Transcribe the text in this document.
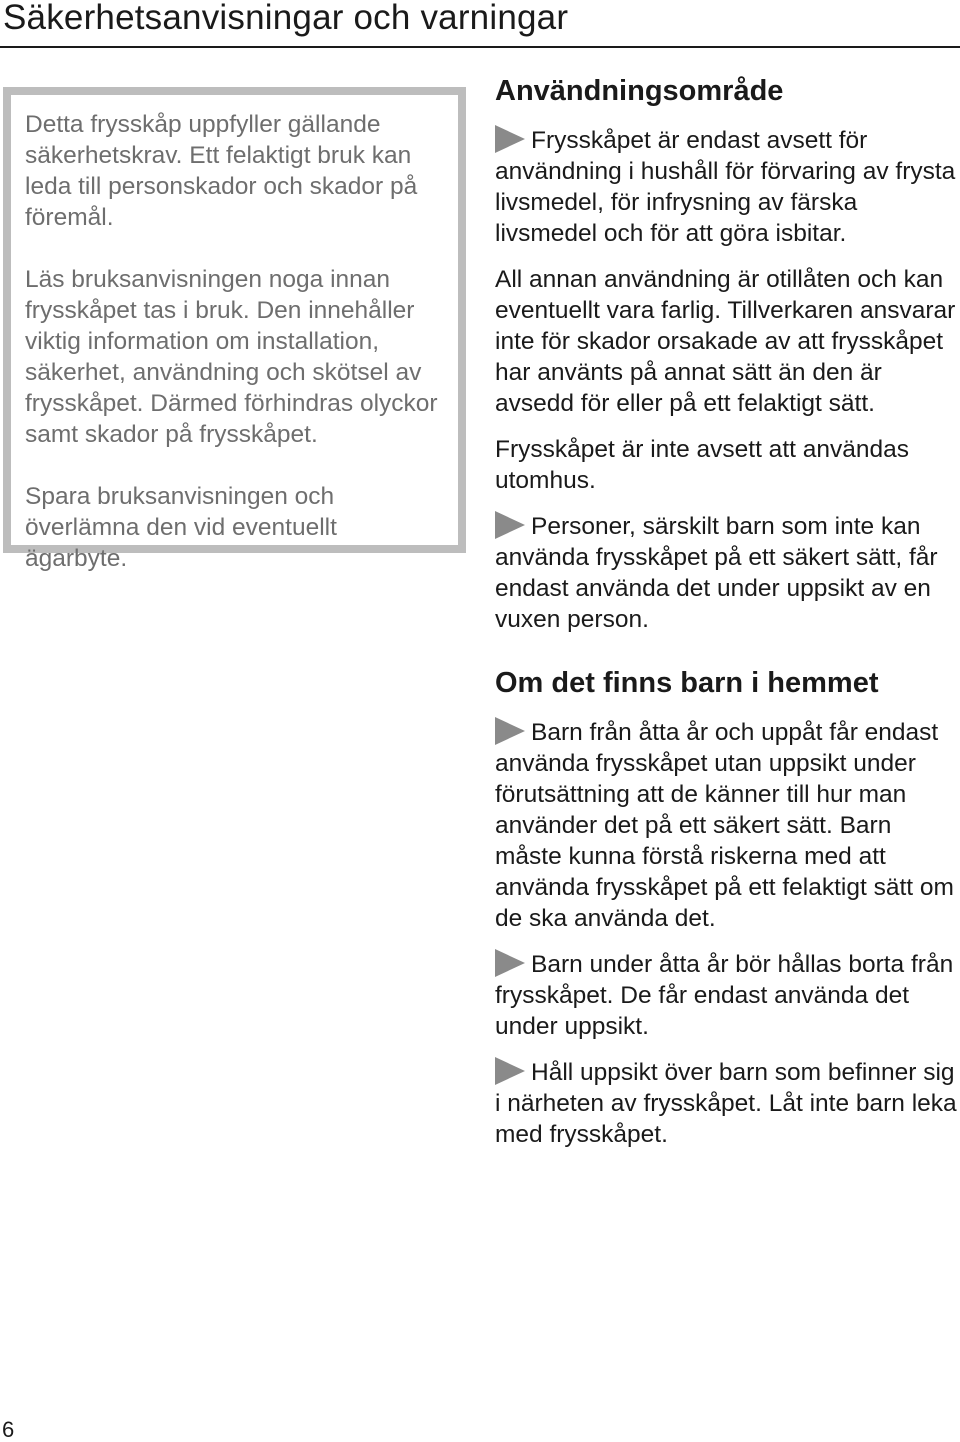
Säkerhetsanvisningar och varningar

Detta frysskåp uppfyller gällande säkerhetskrav. Ett felaktigt bruk kan leda till personskador och skador på föremål.

Läs bruksanvisningen noga innan frysskåpet tas i bruk. Den innehåller viktig information om installation, säkerhet, användning och skötsel av frysskåpet. Därmed förhindras olyckor samt skador på frysskåpet.

Spara bruksanvisningen och överlämna den vid eventuellt ägarbyte.

Användningsområde

Frysskåpet är endast avsett för användning i hushåll för förvaring av frysta livsmedel, för infrysning av färska livsmedel och för att göra isbitar.

All annan användning är otillåten och kan eventuellt vara farlig. Tillverkaren ansvarar inte för skador orsakade av att frysskåpet har använts på annat sätt än den är avsedd för eller på ett felaktigt sätt.

Frysskåpet är inte avsett att användas utomhus.

Personer, särskilt barn som inte kan använda frysskåpet på ett säkert sätt, får endast använda det under uppsikt av en vuxen person.

Om det finns barn i hemmet

Barn från åtta år och uppåt får endast använda frysskåpet utan uppsikt under förutsättning att de känner till hur man använder det på ett säkert sätt. Barn måste kunna förstå riskerna med att använda frysskåpet på ett felaktigt sätt om de ska använda det.

Barn under åtta år bör hållas borta från frysskåpet. De får endast använda det under uppsikt.

Håll uppsikt över barn som befinner sig i närheten av frysskåpet. Låt inte barn leka med frysskåpet.

6
